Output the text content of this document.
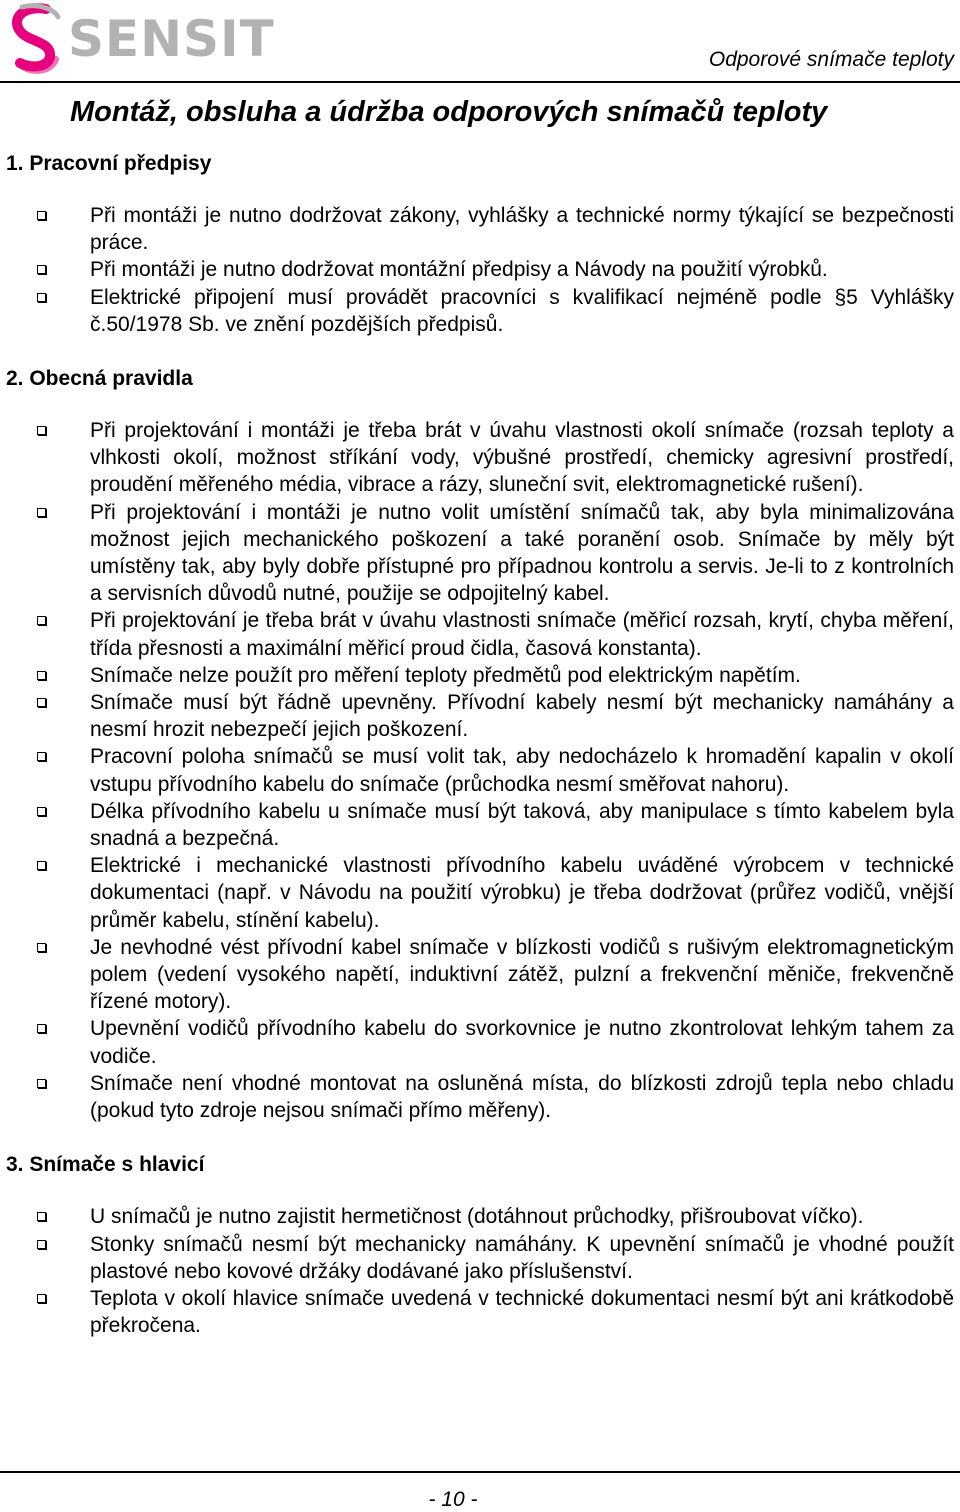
SENSIT	Odporové snímače teploty
Montáž, obsluha a údržba odporových snímačů teploty
1. Pracovní předpisy
Při montáži je nutno dodržovat zákony, vyhlášky a technické normy týkající se bezpečnosti práce.
Při montáži je nutno dodržovat montážní předpisy a Návody na použití výrobků.
Elektrické připojení musí provádět pracovníci s kvalifikací nejméně podle §5 Vyhlášky č.50/1978 Sb. ve znění pozdějších předpisů.
2. Obecná pravidla
Při projektování i montáži je třeba brát v úvahu vlastnosti okolí snímače (rozsah teploty a vlhkosti okolí, možnost stříkání vody, výbušné prostředí, chemicky agresivní prostředí, proudění měřeného média, vibrace a rázy, sluneční svit, elektromagnetické rušení).
Při projektování i montáži je nutno volit umístění snímačů tak, aby byla minimalizována možnost jejich mechanického poškození a také poranění osob. Snímače by měly být umístěny tak, aby byly dobře přístupné pro případnou kontrolu a servis. Je-li to z kontrolních a servisních důvodů nutné, použije se odpojitelný kabel.
Při projektování je třeba brát v úvahu vlastnosti snímače (měřicí rozsah, krytí, chyba měření, třída přesnosti a maximální měřicí proud čidla, časová konstanta).
Snímače nelze použít pro měření teploty předmětů pod elektrickým napětím.
Snímače musí být řádně upevněny. Přívodní kabely nesmí být mechanicky namáhány a nesmí hrozit nebezpečí jejich poškození.
Pracovní poloha snímačů se musí volit tak, aby nedocházelo k hromadění kapalin v okolí vstupu přívodního kabelu do snímače (průchodka nesmí směřovat nahoru).
Délka přívodního kabelu u snímače musí být taková, aby manipulace s tímto kabelem byla snadná a bezpečná.
Elektrické i mechanické vlastnosti přívodního kabelu uváděné výrobcem v technické dokumentaci (např. v Návodu na použití výrobku) je třeba dodržovat (průřez vodičů, vnější průměr kabelu, stínění kabelu).
Je nevhodné vést přívodní kabel snímače v blízkosti vodičů s rušivým elektromagnetickým polem (vedení vysokého napětí, induktivní zátěž, pulzní a frekvenční měniče, frekvenčně řízené motory).
Upevnění vodičů přívodního kabelu do svorkovnice je nutno zkontrolovat lehkým tahem za vodiče.
Snímače není vhodné montovat na osluněná místa, do blízkosti zdrojů tepla nebo chladu (pokud tyto zdroje nejsou snímači přímo měřeny).
3. Snímače s hlavicí
U snímačů je nutno zajistit hermetičnost (dotáhnout průchodky, přišroubovat víčko).
Stonky snímačů nesmí být mechanicky namáhány. K upevnění snímačů je vhodné použít plastové nebo kovové držáky dodávané jako příslušenství.
Teplota v okolí hlavice snímače uvedená v technické dokumentaci nesmí být ani krátkodobě překročena.
- 10 -
